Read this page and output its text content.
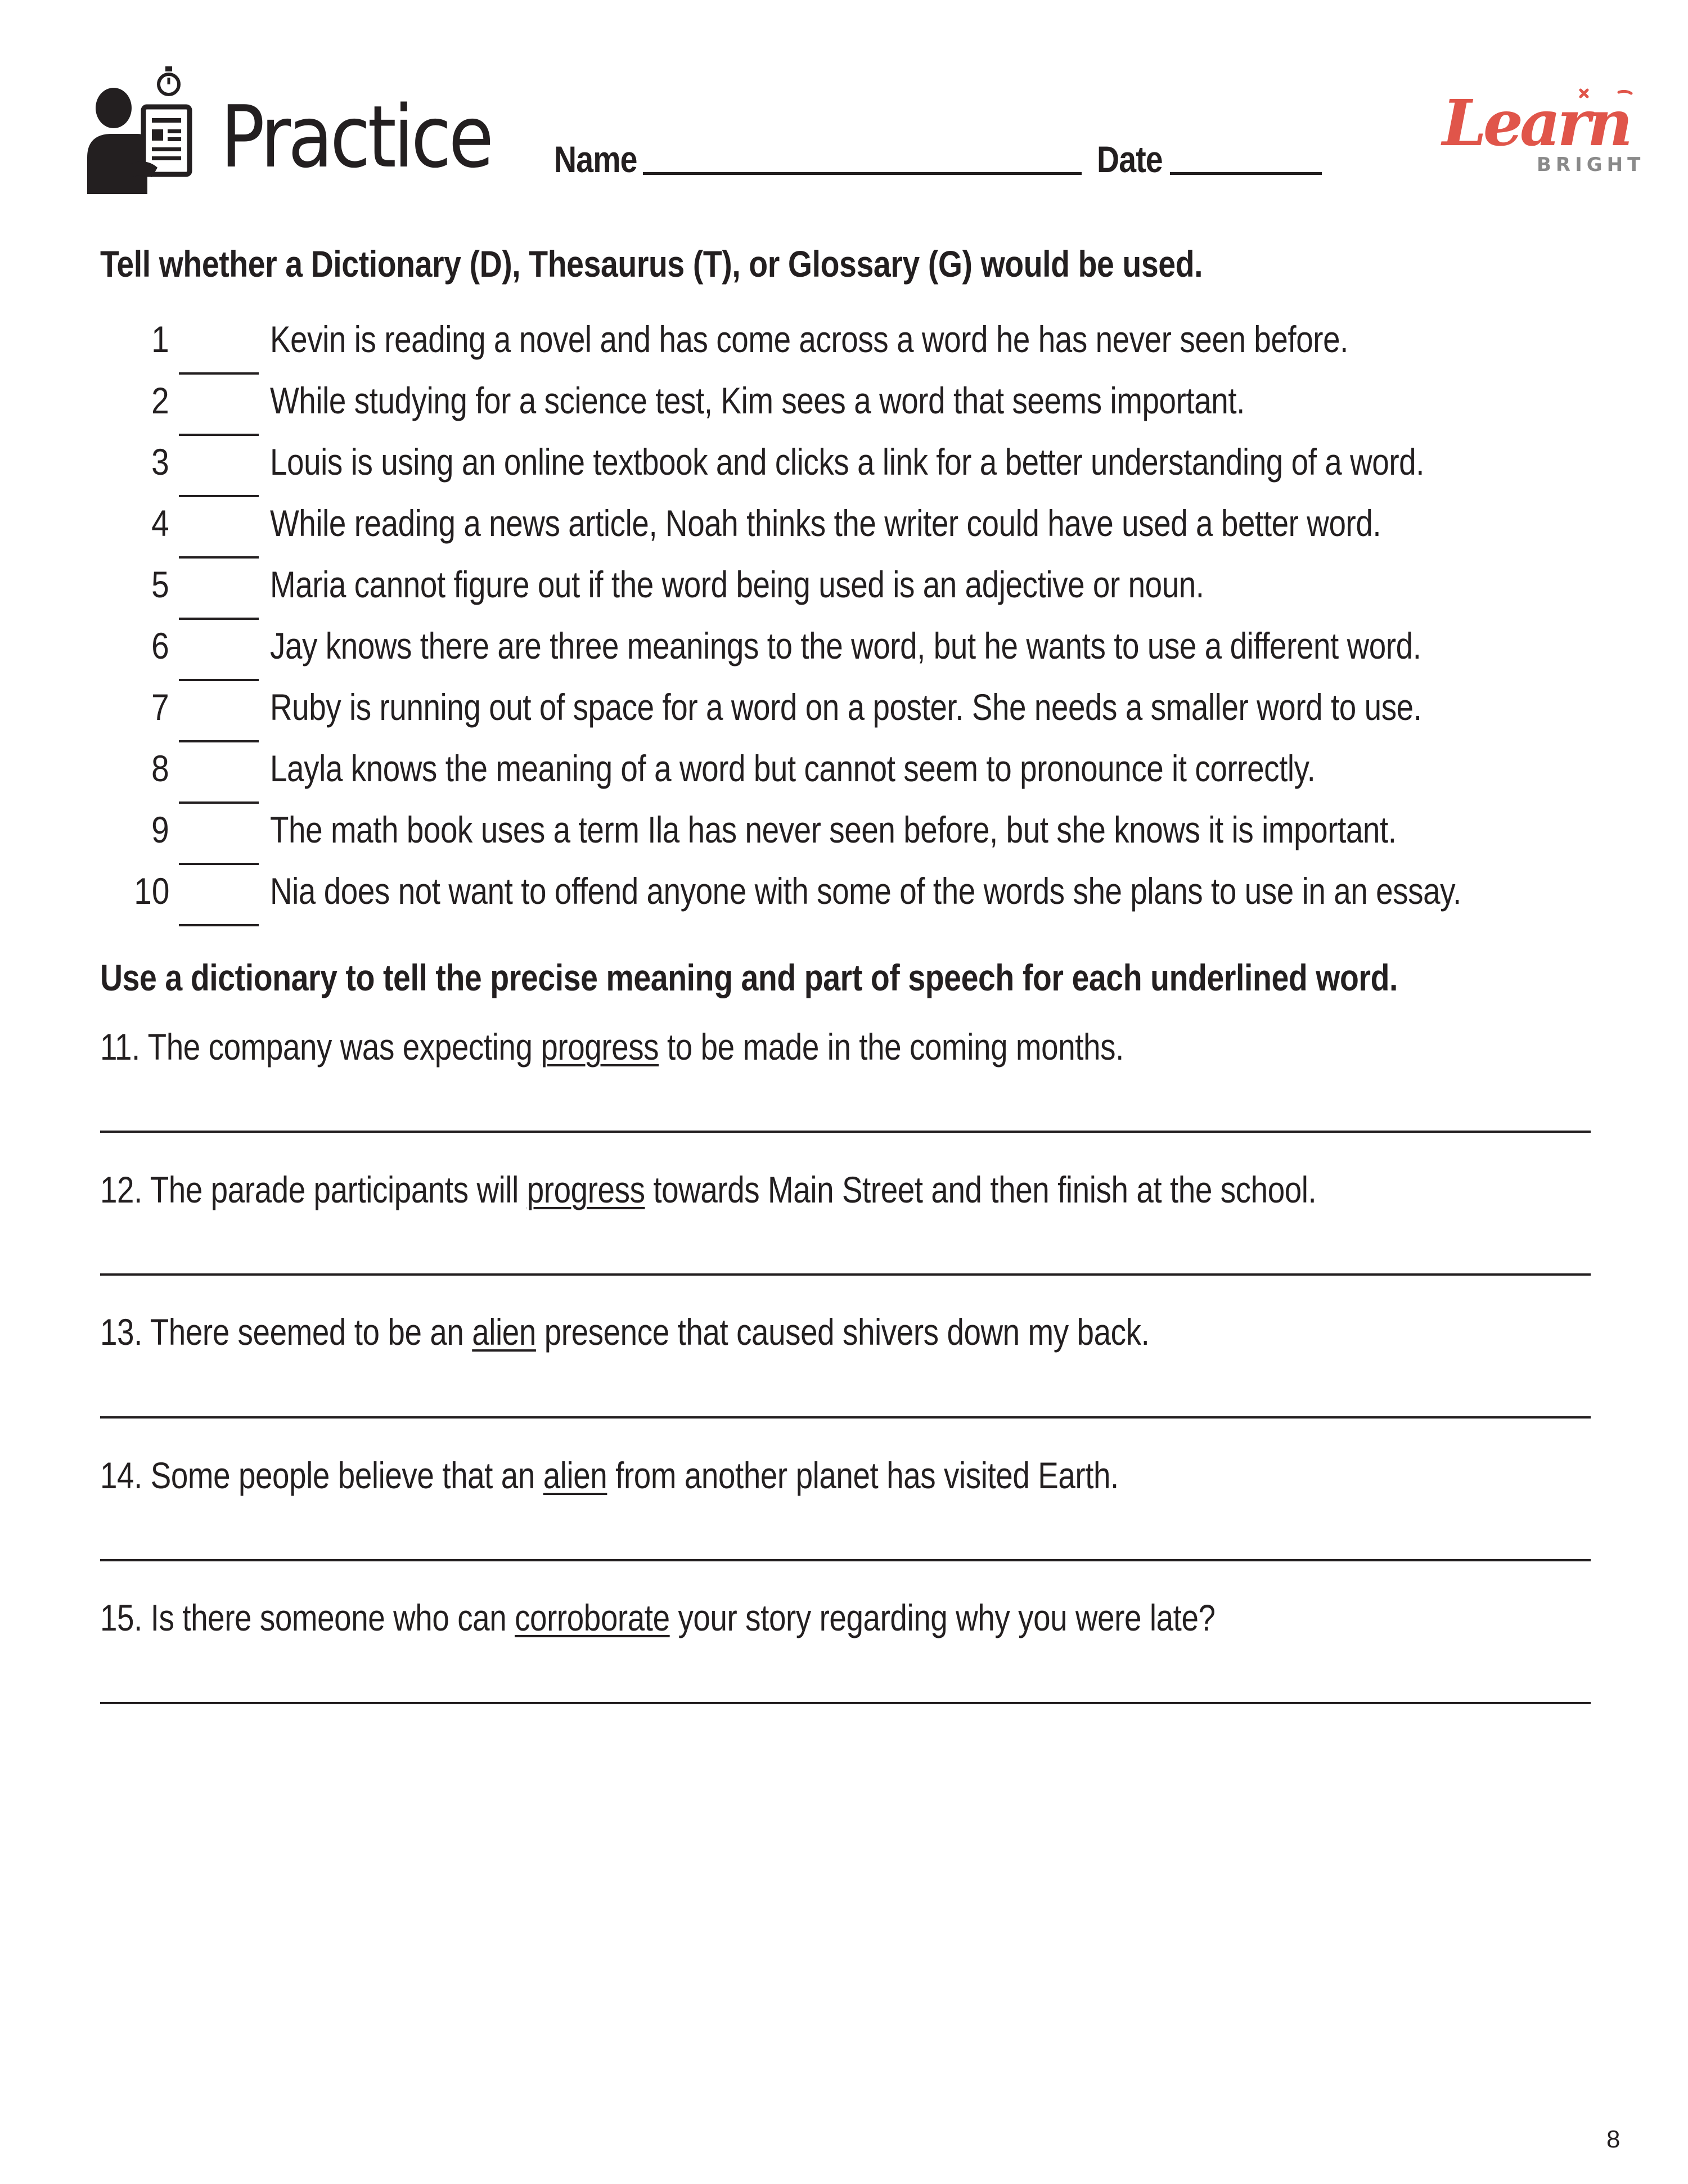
Practice Name	Date	Learn
BRIGHT
Tell whether a Dictionary (D), Thesaurus (T), or Glossary (G) would be used.
1	Kevin is reading a novel and has come across a word he has never seen before.
2	While studying for a science test, Kim sees a word that seems important.
3	Louis is using an online textbook and clicks a link for a better understanding of a word.
4	While reading a news article, Noah thinks the writer could have used a better word.
5	Maria cannot figure out if the word being used is an adjective or noun.
6	Jay knows there are three meanings to the word, but he wants to use a different word.
7	Ruby is running out of space for a word on a poster. She needs a smaller word to use.
8	Layla knows the meaning of a word but cannot seem to pronounce it correctly.
9	The math book uses a term Ila has never seen before, but she knows it is important.
10	Nia does not want to offend anyone with some of the words she plans to use in an essay.
Use a dictionary to tell the precise meaning and part of speech for each underlined word.
11. The company was expecting progress to be made in the coming months.
12. The parade participants will progress towards Main Street and then finish at the school.
13. There seemed to be an alien presence that caused shivers down my back.
14. Some people believe that an alien from another planet has visited Earth.
15. Is there someone who can corroborate your story regarding why you were late?
8
